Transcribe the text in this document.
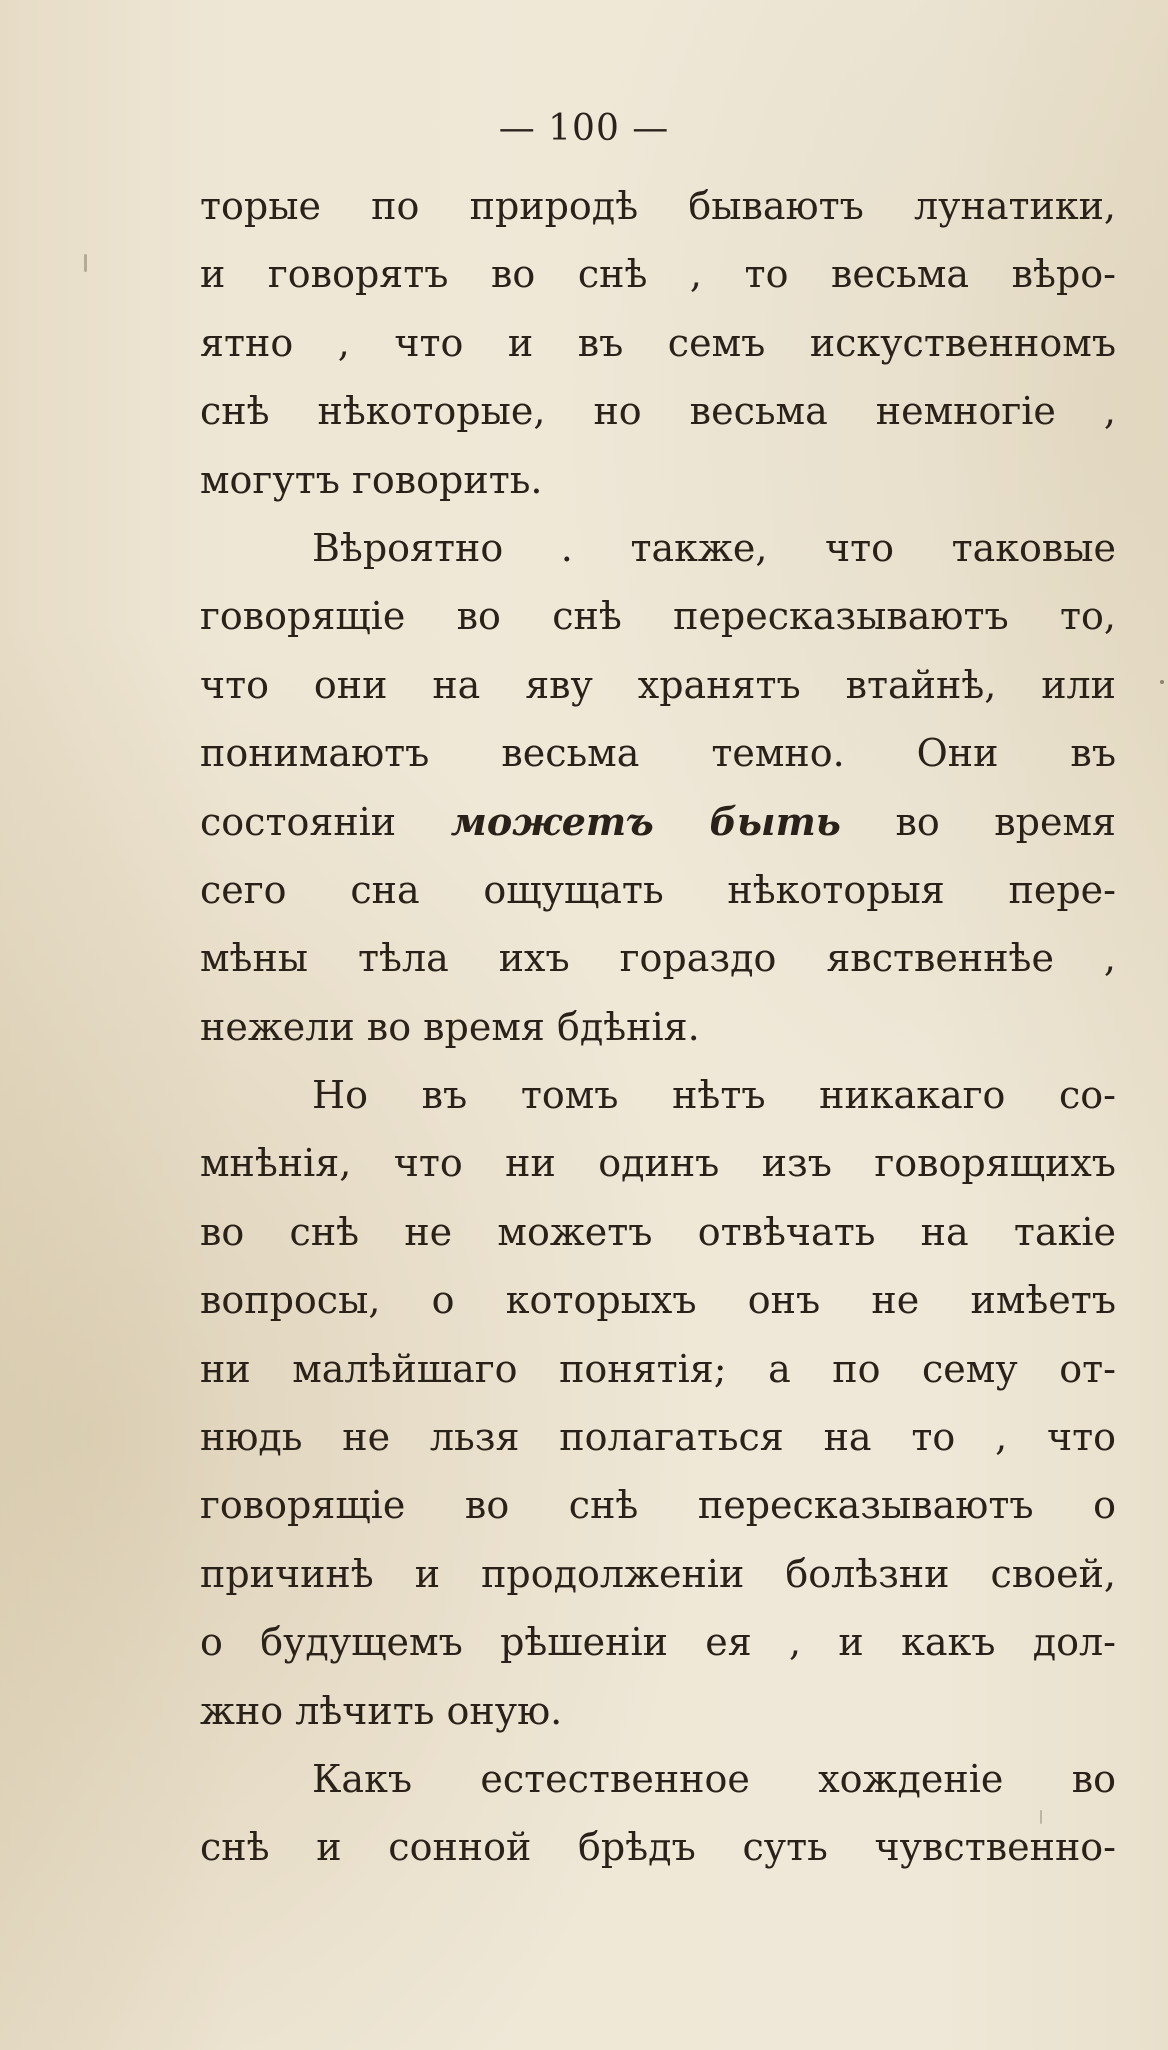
— 100 —
торые по природѣ бываютъ лунатики,
и говорятъ во снѣ , то весьма вѣро-
ятно , что и въ семъ искуственномъ
снѣ нѣкоторые, но весьма немногіе ,
могутъ говорить.
Вѣроятно . также, что таковые
говорящіе во снѣ пересказываютъ то,
что они на яву хранятъ втайнѣ, или
понимаютъ весьма темно. Они въ
состояніи можетъ быть во время
сего сна ощущать нѣкоторыя пере-
мѣны тѣла ихъ гораздо явственнѣе ,
нежели во время бдѣнія.
Но въ томъ нѣтъ никакаго со-
мнѣнія, что ни одинъ изъ говорящихъ
во снѣ не можетъ отвѣчать на такіе
вопросы, о которыхъ онъ не имѣетъ
ни малѣйшаго понятія; а по сему от-
нюдь не льзя полагаться на то , что
говорящіе во снѣ пересказываютъ о
причинѣ и продолженіи болѣзни своей,
о будущемъ рѣшеніи ея , и какъ дол-
жно лѣчить оную.
Какъ естественное хожденіе во
снѣ и сонной брѣдъ суть чувственно-
